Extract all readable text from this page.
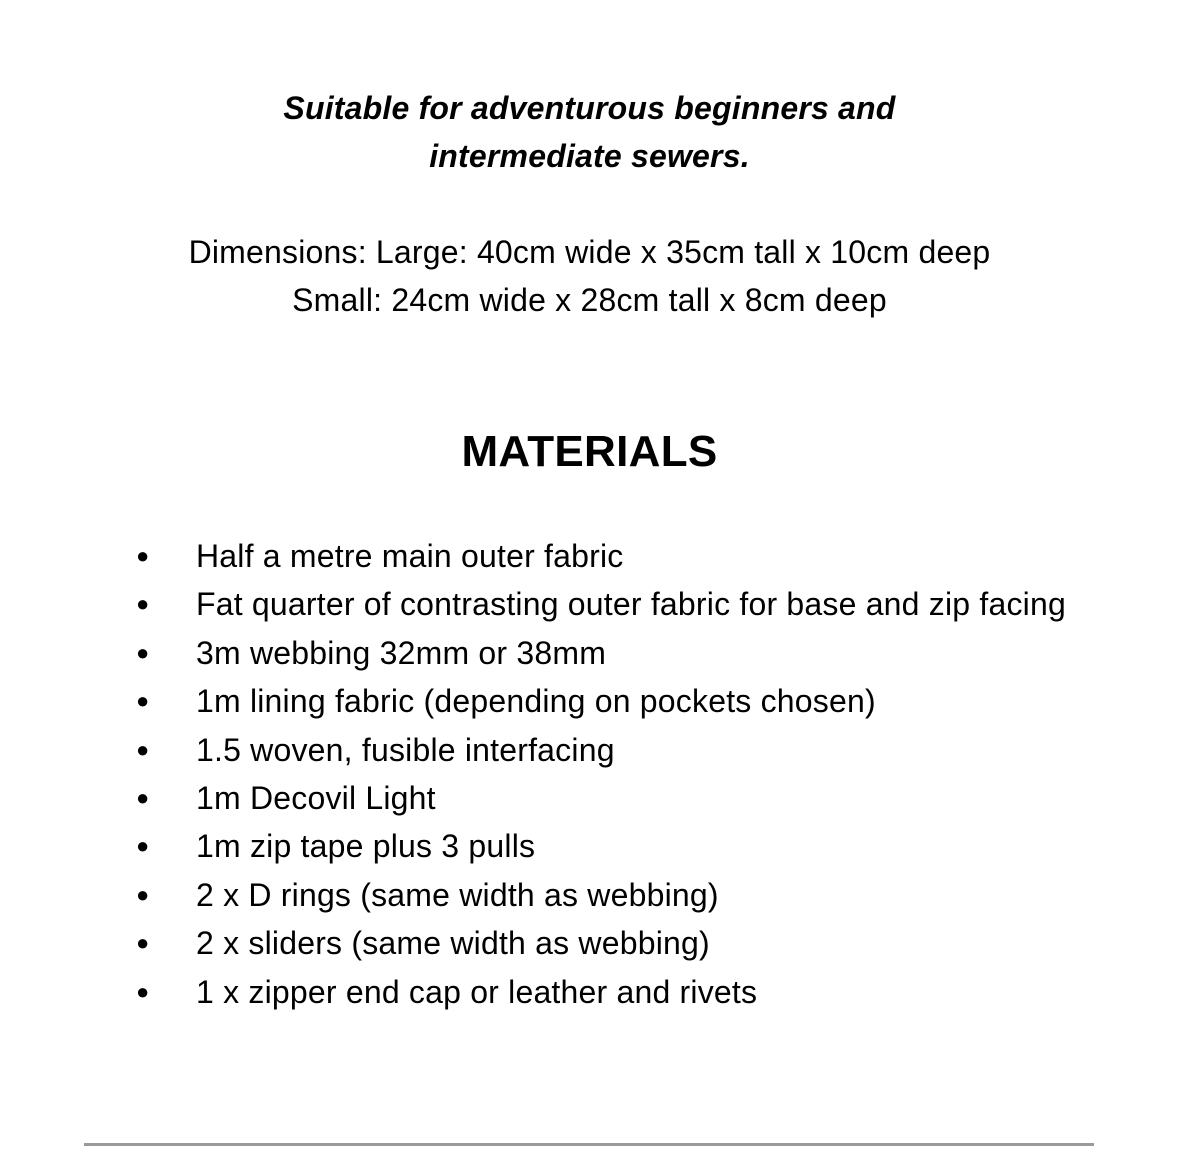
Suitable for adventurous beginners and
intermediate sewers.
Dimensions: Large: 40cm wide x 35cm tall x 10cm deep
Small: 24cm wide x 28cm tall x 8cm deep
MATERIALS
● Half a metre main outer fabric
● Fat quarter of contrasting outer fabric for base and zip facing
● 3m webbing 32mm or 38mm
● 1m lining fabric (depending on pockets chosen)
● 1.5 woven, fusible interfacing
● 1m Decovil Light
● 1m zip tape plus 3 pulls
● 2 x D rings (same width as webbing)
● 2 x sliders (same width as webbing)
● 1 x zipper end cap or leather and rivets
